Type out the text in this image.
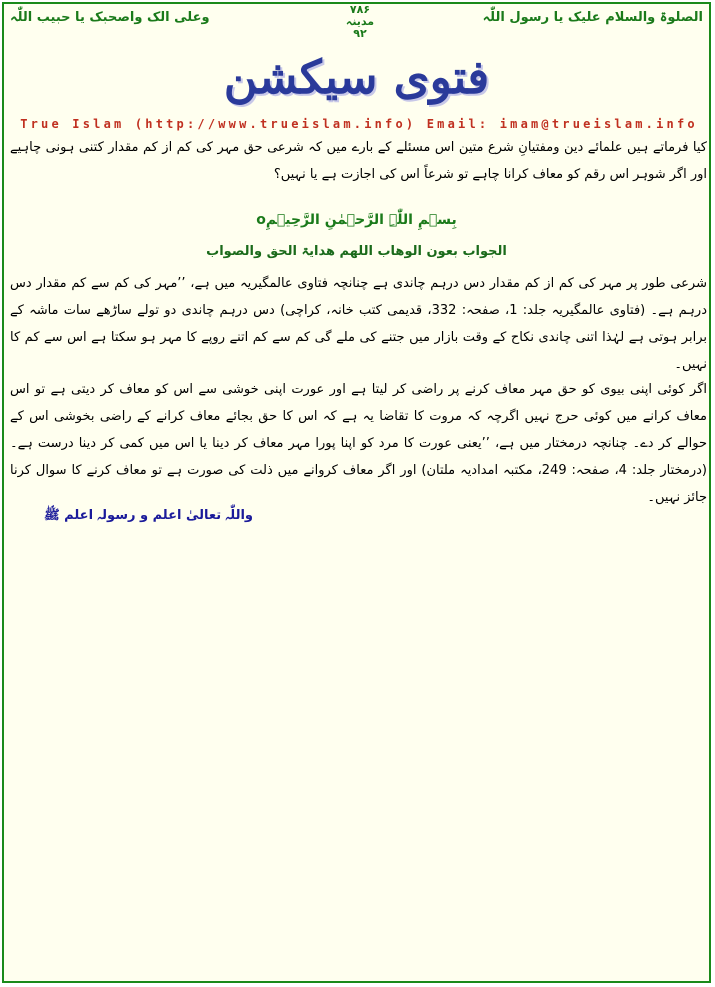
الصلوۃ والسلام علیک یا رسول اللّٰہ
۷۸۶
مدینہ
۹۲
وعلی الک واصحبک یا حبیب اللّٰہ
فتوی سیکشن
True Islam (http://www.trueislam.info) Email: imam@trueislam.info
کیا فرماتے ہیں علمائے دین ومفتیانِ شرع متین اس مسئلے کے بارے میں کہ شرعی حق مہر کی کم از کم مقدار کتنی ہونی چاہیے اور اگر شوہر اس رقم کو معاف کرانا چاہے تو شرعاً اس کی اجازت ہے یا نہیں؟
بِسۡمِ اللّٰہِ الرَّحۡمٰنِ الرَّحِیۡمِo
الجواب بعون الوھاب اللھم ھدایۃ الحق والصواب
شرعی طور پر مہر کی کم از کم مقدار دس درہم چاندی ہے چنانچہ فتاوی عالمگیریہ میں ہے، ’’مہر کی کم سے کم مقدار دس درہم ہے۔ (فتاوی عالمگیریہ جلد: 1، صفحہ: 332، قدیمی کتب خانہ، کراچی) دس درہم چاندی دو تولے ساڑھے سات ماشہ کے برابر ہوتی ہے لہٰذا اتنی چاندی نکاح کے وقت بازار میں جتنے کی ملے گی کم سے کم اتنے روپے کا مہر ہو سکتا ہے اس سے کم کا نہیں۔
اگر کوئی اپنی بیوی کو حق مہر معاف کرنے پر راضی کر لیتا ہے اور عورت اپنی خوشی سے اس کو معاف کر دیتی ہے تو اس معاف کرانے میں کوئی حرج نہیں اگرچہ کہ مروت کا تقاضا یہ ہے کہ اس کا حق بجائے معاف کرانے کے راضی بخوشی اس کے حوالے کر دے۔ چنانچہ درمختار میں ہے، ’’یعنی عورت کا مرد کو اپنا پورا مہر معاف کر دینا یا اس میں کمی کر دینا درست ہے۔ (درمختار جلد: 4، صفحہ: 249، مکتبہ امدادیہ ملتان) اور اگر معاف کروانے میں ذلت کی صورت ہے تو معاف کرنے کا سوال کرنا جائز نہیں۔
واللّٰہ تعالیٰ اعلم و رسولہ اعلم ﷺ
